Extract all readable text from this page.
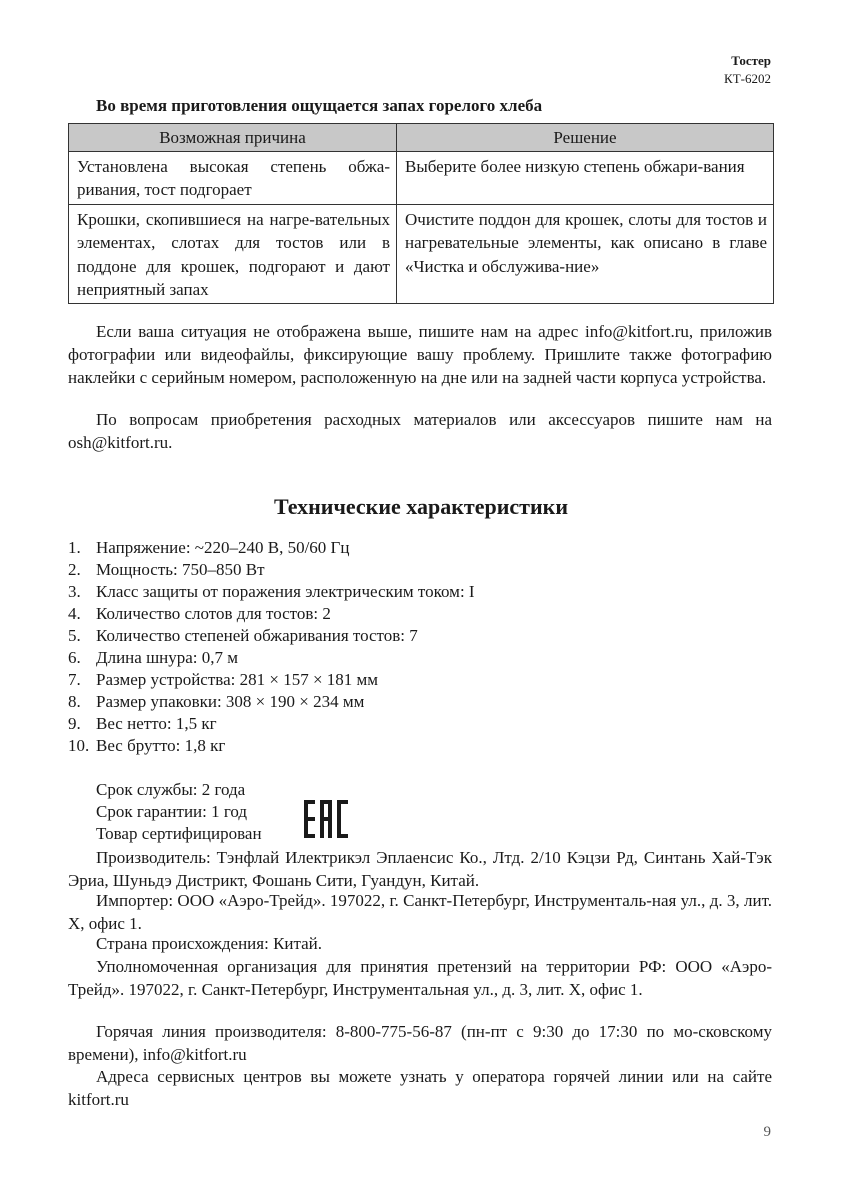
Тостер
КТ-6202
Во время приготовления ощущается запах горелого хлеба
Возможная причина	Решение
Установлена высокая степень обжа-ривания, тост подгорает	Выберите более низкую степень обжари-вания
Крошки, скопившиеся на нагре-вательных элементах, слотах для тостов или в поддоне для крошек, подгорают и дают неприятный запах	Очистите поддон для крошек, слоты для тостов и нагревательные элементы, как описано в главе «Чистка и обслужива-ние»
Если ваша ситуация не отображена выше, пишите нам на адрес info@kitfort.ru, приложив фотографии или видеофайлы, фиксирующие вашу проблему. Пришлите также фотографию наклейки с серийным номером, расположенную на дне или на задней части корпуса устройства.
По вопросам приобретения расходных материалов или аксессуаров пишите нам на osh@kitfort.ru.
Технические характеристики
1. Напряжение: ~220–240 В, 50/60 Гц
2. Мощность: 750–850 Вт
3. Класс защиты от поражения электрическим током: I
4. Количество слотов для тостов: 2
5. Количество степеней обжаривания тостов: 7
6. Длина шнура: 0,7 м
7. Размер устройства: 281 × 157 × 181 мм
8. Размер упаковки: 308 × 190 × 234 мм
9. Вес нетто: 1,5 кг
10. Вес брутто: 1,8 кг
Срок службы: 2 года
Срок гарантии: 1 год
Товар сертифицирован
Производитель: Тэнфлай Илектрикэл Эплаенсис Ко., Лтд. 2/10 Кэцзи Рд, Синтань Хай-Тэк Эриа, Шуньдэ Дистрикт, Фошань Сити, Гуандун, Китай.
Импортер: ООО «Аэро-Трейд». 197022, г. Санкт-Петербург, Инструменталь-ная ул., д. 3, лит. Х, офис 1.
Страна происхождения: Китай.
Уполномоченная организация для принятия претензий на территории РФ: ООО «Аэро-Трейд». 197022, г. Санкт-Петербург, Инструментальная ул., д. 3, лит. Х, офис 1.
Горячая линия производителя: 8-800-775-56-87 (пн-пт с 9:30 до 17:30 по мо-сковскому времени), info@kitfort.ru
Адреса сервисных центров вы можете узнать у оператора горячей линии или на сайте kitfort.ru
9
